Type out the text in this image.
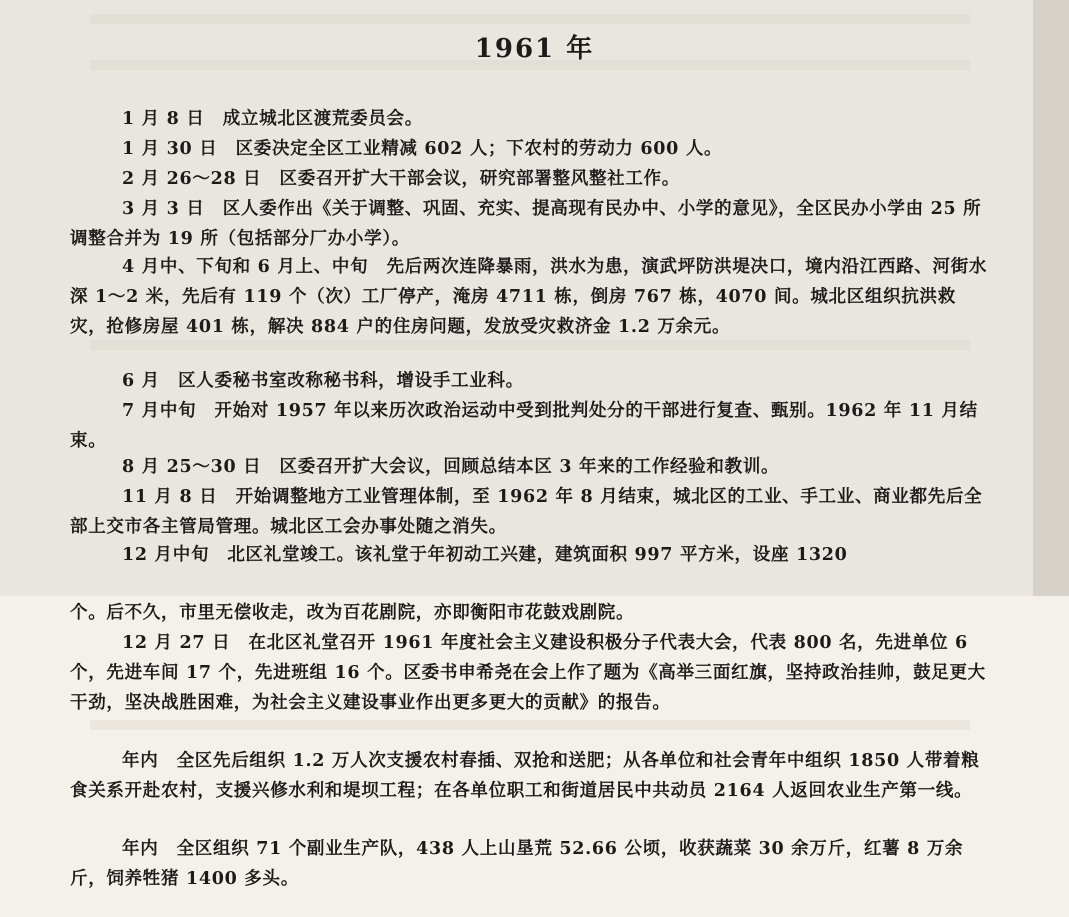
1961 年

1 月 8 日　成立城北区渡荒委员会。

1 月 30 日　区委决定全区工业精减 602 人；下农村的劳动力 600 人。

2 月 26～28 日　区委召开扩大干部会议，研究部署整风整社工作。

3 月 3 日　区人委作出《关于调整、巩固、充实、提高现有民办中、小学的意见》，全区民办小学由 25 所调整合并为 19 所（包括部分厂办小学）。

4 月中、下旬和 6 月上、中旬　先后两次连降暴雨，洪水为患，演武坪防洪堤决口，境内沿江西路、河街水深 1～2 米，先后有 119 个（次）工厂停产，淹房 4711 栋，倒房 767 栋，4070 间。城北区组织抗洪救灾，抢修房屋 401 栋，解决 884 户的住房问题，发放受灾救济金 1.2 万余元。

6 月　区人委秘书室改称秘书科，增设手工业科。

7 月中旬　开始对 1957 年以来历次政治运动中受到批判处分的干部进行复查、甄别。1962 年 11 月结束。

8 月 25～30 日　区委召开扩大会议，回顾总结本区 3 年来的工作经验和教训。

11 月 8 日　开始调整地方工业管理体制，至 1962 年 8 月结束，城北区的工业、手工业、商业都先后全部上交市各主管局管理。城北区工会办事处随之消失。

12 月中旬　北区礼堂竣工。该礼堂于年初动工兴建，建筑面积 997 平方米，设座 1320

个。后不久，市里无偿收走，改为百花剧院，亦即衡阳市花鼓戏剧院。

12 月 27 日　在北区礼堂召开 1961 年度社会主义建设积极分子代表大会，代表 800 名，先进单位 6 个，先进车间 17 个，先进班组 16 个。区委书申希尧在会上作了题为《高举三面红旗，坚持政治挂帅，鼓足更大干劲，坚决战胜困难，为社会主义建设事业作出更多更大的贡献》的报告。

年内　全区先后组织 1.2 万人次支援农村春插、双抢和送肥；从各单位和社会青年中组织 1850 人带着粮食关系开赴农村，支援兴修水利和堤坝工程；在各单位职工和街道居民中共动员 2164 人返回农业生产第一线。

年内　全区组织 71 个副业生产队，438 人上山垦荒 52.66 公顷，收获蔬菜 30 余万斤，红薯 8 万余斤，饲养牲猪 1400 多头。
